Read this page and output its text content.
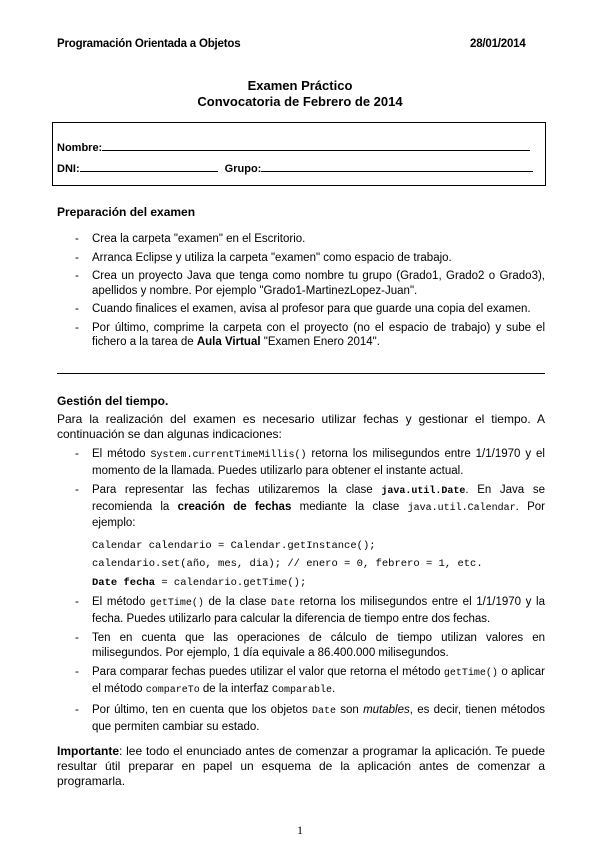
Programación Orientada a Objetos	28/01/2014
Examen Práctico
Convocatoria de Febrero de 2014
Nombre:
DNI:	Grupo:
Preparación del examen
- Crea la carpeta "examen" en el Escritorio.
- Arranca Eclipse y utiliza la carpeta "examen" como espacio de trabajo.
- Crea un proyecto Java que tenga como nombre tu grupo (Grado1, Grado2 o Grado3), apellidos y nombre. Por ejemplo "Grado1-MartinezLopez-Juan".
- Cuando finalices el examen, avisa al profesor para que guarde una copia del examen.
- Por último, comprime la carpeta con el proyecto (no el espacio de trabajo) y sube el fichero a la tarea de Aula Virtual "Examen Enero 2014".
Gestión del tiempo.
Para la realización del examen es necesario utilizar fechas y gestionar el tiempo. A continuación se dan algunas indicaciones:
- El método System.currentTimeMillis() retorna los milisegundos entre 1/1/1970 y el momento de la llamada. Puedes utilizarlo para obtener el instante actual.
- Para representar las fechas utilizaremos la clase java.util.Date. En Java se recomienda la creación de fechas mediante la clase java.util.Calendar. Por ejemplo:
Calendar calendario = Calendar.getInstance();
calendario.set(año, mes, dia); // enero = 0, febrero = 1, etc.
Date fecha = calendario.getTime();
- El método getTime() de la clase Date retorna los milisegundos entre el 1/1/1970 y la fecha. Puedes utilizarlo para calcular la diferencia de tiempo entre dos fechas.
- Ten en cuenta que las operaciones de cálculo de tiempo utilizan valores en milisegundos. Por ejemplo, 1 día equivale a 86.400.000 milisegundos.
- Para comparar fechas puedes utilizar el valor que retorna el método getTime() o aplicar el método compareTo de la interfaz Comparable.
- Por último, ten en cuenta que los objetos Date son mutables, es decir, tienen métodos que permiten cambiar su estado.
Importante: lee todo el enunciado antes de comenzar a programar la aplicación. Te puede resultar útil preparar en papel un esquema de la aplicación antes de comenzar a programarla.
1
